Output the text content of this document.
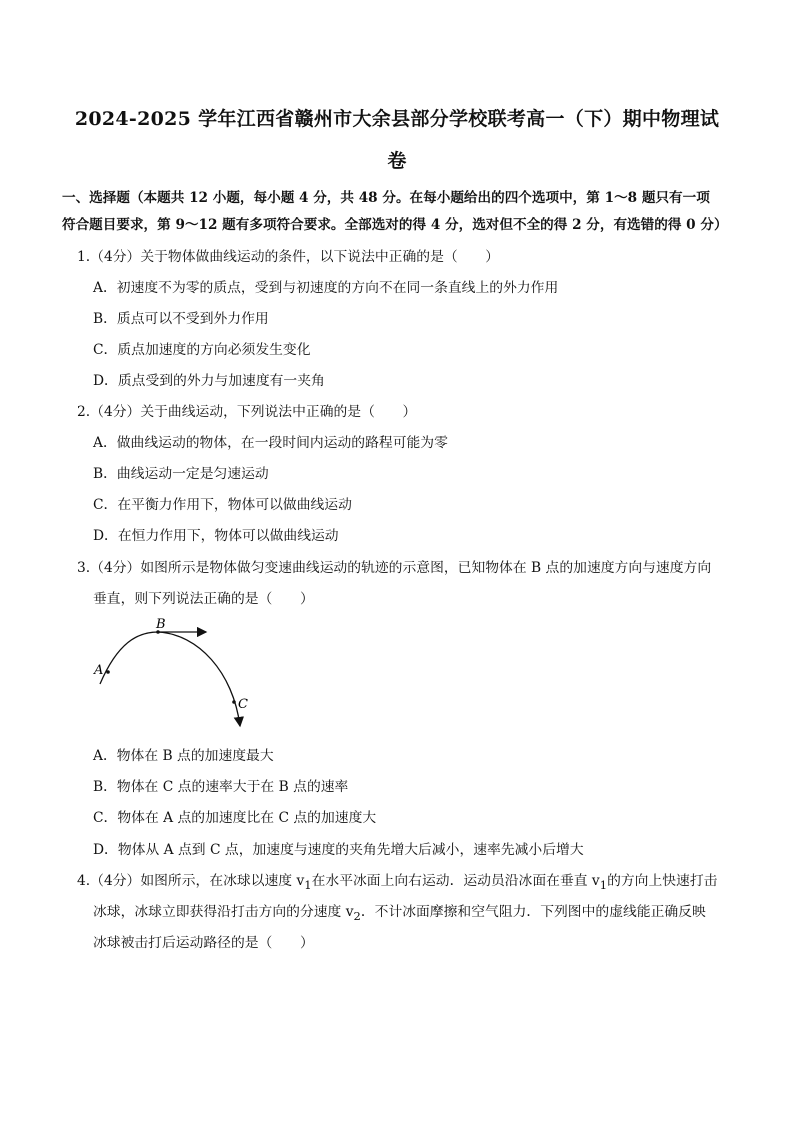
2024-2025 学年江西省赣州市大余县部分学校联考高一（下）期中物理试
卷
一、选择题（本题共 12 小题，每小题 4 分，共 48 分。在每小题给出的四个选项中，第 1～8 题只有一项
符合题目要求，第 9～12 题有多项符合要求。全部选对的得 4 分，选对但不全的得 2 分，有选错的得 0 分）
1.（4分）关于物体做曲线运动的条件，以下说法中正确的是（　　）
A．初速度不为零的质点，受到与初速度的方向不在同一条直线上的外力作用
B．质点可以不受到外力作用
C．质点加速度的方向必须发生变化
D．质点受到的外力与加速度有一夹角
2.（4分）关于曲线运动，下列说法中正确的是（　　）
A．做曲线运动的物体，在一段时间内运动的路程可能为零
B．曲线运动一定是匀速运动
C．在平衡力作用下，物体可以做曲线运动
D．在恒力作用下，物体可以做曲线运动
3.（4分）如图所示是物体做匀变速曲线运动的轨迹的示意图，已知物体在 B 点的加速度方向与速度方向
垂直，则下列说法正确的是（　　）
A
B
C
A．物体在 B 点的加速度最大
B．物体在 C 点的速率大于在 B 点的速率
C．物体在 A 点的加速度比在 C 点的加速度大
D．物体从 A 点到 C 点，加速度与速度的夹角先增大后减小，速率先减小后增大
4.（4分）如图所示，在冰球以速度 $v_1$在水平冰面上向右运动．运动员沿冰面在垂直 $v_1$的方向上快速打击
冰球，冰球立即获得沿打击方向的分速度 $v_2$．不计冰面摩擦和空气阻力．下列图中的虚线能正确反映
冰球被击打后运动路径的是（　　）
